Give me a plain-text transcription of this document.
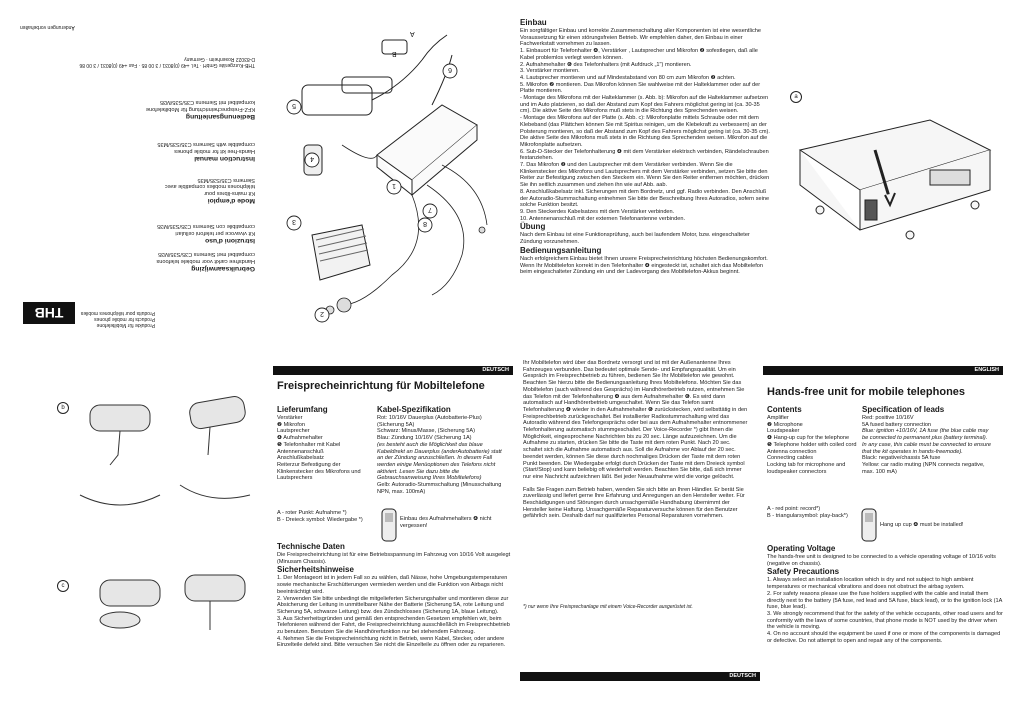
Änderungen vorbehalten
THB-Kurzgeräte GmbH · Tel. +49 (0)8031 / 3 00 85 · Fax +49 (0)8031 / 3 00 86
D-83022 Rosenheim · Germany
Bedienungsanleitung
KFZ-Freisprecheinrichtung für Mobiltelefone
kompatibel mit Siemens C35/S35/M35
Instruction manual
Hands-free kit for mobile phones
compatible with Siemens C35/S35/M35
Mode d'emploi
Kit mains-libres pour
téléphones mobiles compatible avec
Siemens C35/S35/M35
Istruzioni d'uso
Kit vivavoce per telefoni cellulari
compatibile con Siemens C35/S35/M35
Gebruiksaanwijzing
Handsfree carkit voor mobiele telefoons
compatibel met Siemens C35/S35/M35
THB
Produkte für Mobiltelefone
Products for mobile phones
Produits pour téléphones mobiles
5
3
2
4
1
6
7
8
A
B
Einbau

Ein sorgfältiger Einbau und korrekte Zusammenschaltung aller Komponenten ist eine wesentliche Voraussetzung für einen störungsfreien Betrieb. Wir empfehlen daher, den Einbau in einer Fachwerkstatt vornehmen zu lassen.

1. Einbauort für Telefonhalter ❹, Verstärker , Lautsprecher und Mikrofon ❷ sofestlegen, daß alle Kabel problemlos verlegt werden können.
2. Aufnahmehalter ❻ des Telefonhalters (mit Aufdruck „1") montieren.
3. Verstärker montieren.
4. Lautsprecher montieren und auf Mindestabstand von 80 cm zum Mikrofon ❷ achten.
5. Mikrofon ❷ montieren. Das Mikrofon können Sie wahlweise mit der Halteklammer oder auf der Platte montieren.
- Montage des Mikrofons mit der Halteklammer (s. Abb. b): Mikrofon auf die Halteklammer aufsetzen und im Auto platzieren, so daß der Abstand zum Kopf des Fahrers möglichst gering ist (ca. 30-35 cm). Die aktive Seite des Mikrofons muß stets in die Richtung des Sprechenden weisen.
- Montage des Mikrofons auf der Platte (s. Abb. c): Mikrofonplatte mittels Schraube oder mit dem Klebeband (das Plättchen können Sie mit Spiritus reinigen, um die Klebekraft zu verbessern) an der Polsterung montieren, so daß der Abstand zum Kopf des Fahrers möglichst gering ist (ca. 30-35 cm). Die aktive Seite des Mikrofons muß stets in die Richtung des Sprechenden weisen. Mikrofon auf die Mikrofonplatte aufsetzen.
6. Sub-D-Stecker der Telefonhalterung ❹ mit dem Verstärker elektrisch verbinden, Rändelschrauben festanziehen.
7. Das Mikrofon ❷ und den Lautsprecher mit dem Verstärker verbinden. Wenn Sie die Klinkenstecker des Mikrofons und Lautsprechers mit dem Verstärker verbinden, setzen Sie bitte den Reiter zur Befestigung zwischen den Steckern ein. Wenn Sie den Reiter entfernen möchten, drücken Sie ihn seitlich zusammen und ziehen ihn wie auf Abb. aab.
8. Anschlußkabelsatz inkl. Sicherungen mit dem Bordnetz, und ggf. Radio verbinden. Den Anschluß der Autoradio-Stummschaltung entnehmen Sie bitte der Beschreibung Ihres Autoradios, sofern seine solche Funktion besitzt.
9. Den Steckerdes Kabelsatzes mit dem Verstärker verbinden.
10. Antennenanschluß mit der externen Telefonantenne verbinden.
Übung

Nach dem Einbau ist eine Funktionsprüfung, auch bei laufendem Motor, bzw. eingeschalteter Zündung vorzunehmen.

Bedienungsanleitung

Nach erfolgreichem Einbau bietet Ihnen unsere Freisprecheinrichtung höchsten Bedienungskomfort. Wenn Ihr Mobiltelefon korrekt in den Telefonhalter ❹ eingesteckt ist, schaltet sich das Mobiltelefon beim eingeschalteter Zündung ein und der Ladevorgang des Mobiltelefon-Akkus beginnt.

a
b
c
DEUTSCH
Freisprecheinrichtung für Mobiltelefone
Lieferumfang
Verstärker
❷ Mikrofon
Lautsprecher
❹ Aufnahmehalter
❺ Telefonhalter mit Kabel
Antennenanschluß
Anschlußkabelsatz
Reiterzur Befestigung der Klinkenstecker des Mikrofons und Lautsprechers
Kabel-Spezifikation
Rot: 10/16V Dauerplus (Autobatterie-Plus) (Sicherung 5A)
Schwarz: Minus/Masse, (Sicherung 5A)
Blau: Zündung 10/16V (Sicherung 1A)
(es besteht auch die Möglichkeit das blaue Kabeldirekt an Dauerplus (anderAutobatterie) statt an der Zündung anzuschließen. In diesem Fall werden einige Menüoptionen des Telefons nicht aktiviert. Lesen Sie dazu bitte die Gebrauchsanweisung Ihres Mobiltelefons)
Gelb: Autoradio-Stummschaltung (Minusschaltung NPN, max. 100mA)
A - roter Punkt: Aufnahme *)
B - Dreieck symbol: Wiedergabe *)	Einbau des Aufnahmehalters ❹ nicht vergessen!
Technische Daten

Die Freisprecheinrichtung ist für eine Betriebsspannung im Fahrzeug von 10/16 Volt ausgelegt (Minusam Chassis).

Sicherheitshinweise
1. Der Montageort ist in jedem Fall so zu wählen, daß Nässe, hohe Umgebungstemperaturen sowie mechanische Erschütterungen vermieden werden und die Funktion von Airbags nicht beeinträchtigt wird.
2. Verwenden Sie bitte unbedingt die mitgelieferten Sicherungshalter und montieren diese zur Absicherung der Leitung in unmittelbarer Nähe der Batterie (Sicherung 5A, rote Leitung und Sicherung 5A, schwarze Leitung) bzw. des Zündschlosses (Sicherung 1A, blaue Leitung).
3. Aus Sicherheitsgründen und gemäß den entsprechenden Gesetzen empfehlen wir, beim Telefonieren während der Fahrt, die Freisprecheinrichtung ausschließlich im Freisprechbetrieb zu benutzen. Benutzen Sie die Handhörerfunktion nur bei stehendem Fahrzeug.
4. Nehmen Sie die Freisprecheinrichtung nicht in Betrieb, wenn Kabel, Stecker, oder andere Einzelteile defekt sind. Bitte versuchen Sie nicht die Einzelteile zu öffnen oder zu reparieren.

Ihr Mobiltelefon wird über das Bordnetz versorgt und ist mit der Außenantenne Ihres Fahrzeuges verbunden. Das bedeutet optimale Sende- und Empfangsqualität. Um ein Gespräch im Freisprechbetrieb zu führen, bedienen Sie Ihr Mobiltelefon wie gewohnt. Beachten Sie hierzu bitte die Bedienungsanleitung Ihres Mobiltelefons. Möchten Sie das Mobiltelefon (auch während des Gesprächs) im Handhörerbetrieb nutzen, entnehmen Sie das Telefon mit der Telefonhalterung ❹ aus dem Aufnahmehalter ❻. Es wird dann automatisch auf Handhörerbetrieb umgeschaltet. Wenn Sie das Telefon samt Telefonhalterung ❹ wieder in den Aufnahmehalter ❻ zurückstecken, wird selbsttätig in den Freisprechbetrieb zurückgeschaltet. Bei installierter Radiostummschaltung wird das Autoradio während des Telefongesprächs oder bei aus dem Aufnahmehalter entnommener Telefonhalterung automatisch stummgeschaltet. Der Voice-Recorder *) gibt Ihnen die Möglichkeit, eingesprochene Nachrichten bis zu 20 sec. Länge aufzuzeichnen. Um die Aufnahme zu starten, drücken Sie bitte die Taste mit dem roten Punkt. Nach 20 sec. schaltet sich die Aufnahme automatisch aus. Soll die Aufnahme vor Ablauf der 20 sec. beendet werden, können Sie diese durch nochmaliges Drücken der Taste mit dem roten Punkt beenden. Die Wiedergabe erfolgt durch Drücken der Taste mit dem Dreieck symbol (Start/Stop) und kann beliebig oft wiederholt werden. Beachten Sie bitte, daß sich immer nur eine Nachricht aufzeichnen läßt. Bei jeder Neuaufnahme wird die vorige gelöscht.

Falls Sie Fragen zum Betrieb haben, wenden Sie sich bitte an Ihren Händler. Er berät Sie zuverlässig und liefert gerne Ihre Erfahrung und Anregungen an den Hersteller weiter. Für Beschädigungen und Störungen durch unsachgemäße Handhabung übernimmt der Hersteller keine Haftung. Unsachgemäße Reparaturversuche können für den Benutzer gefährlich sein. Deshalb darf nur qualifiziertes Personal Reparaturen vornehmen.

*) nur wenn Ihre Freisprechanlage mit einem Voice-Recorder ausgerüstet ist.
DEUTSCH
ENGLISH
Hands-free unit for mobile telephones
Contents
Amplifier
❷ Microphone
Loudspeaker
❹ Hang-up cup for the telephone
❺ Telephone holder with coiled cord
Antenna connection
Connecting cables
Locking tab for microphone and loudspeaker connectors
Specification of leads
Red: positive 10/16V
5A fused battery connection
Blue: ignition +10/16V, 1A fuse (the blue cable may be connected to permanent plus (battery terminal). In any case, this cable must be connected to ensure that the kit operates in hands-freemode).
Black: negative/chassis 5A fuse
Yellow: car radio muting (NPN connects negative, max. 100 mA)
A - red point: record*)
B - triangularsymbol: play-back*)
Hang up cup ❹ must be installed!
Operating Voltage

The hands-free unit is designed to be connected to a vehicle operating voltage of 10/16 volts (negative on chassis).

Safety Precautions
1. Always select an installation location which is dry and not subject to high ambient temperatures or mechanical vibrations and does not obstruct the airbag system.
2. For safety reasons please use the fuse holders supplied with the cable and install them directly next to the battery (5A fuse, red lead and 5A fuse, black lead), or to the ignition lock (1A fuse, blue lead).
3. We strongly recommend that for the safety of the vehicle occupants, other road users and for conformity with the laws of some countries, that phone mode is NOT used by the driver when the vehicle is moving.
4. On no account should the equipment be used if one or more of the components is damaged or defective. Do not attempt to open and repair any of the components.
